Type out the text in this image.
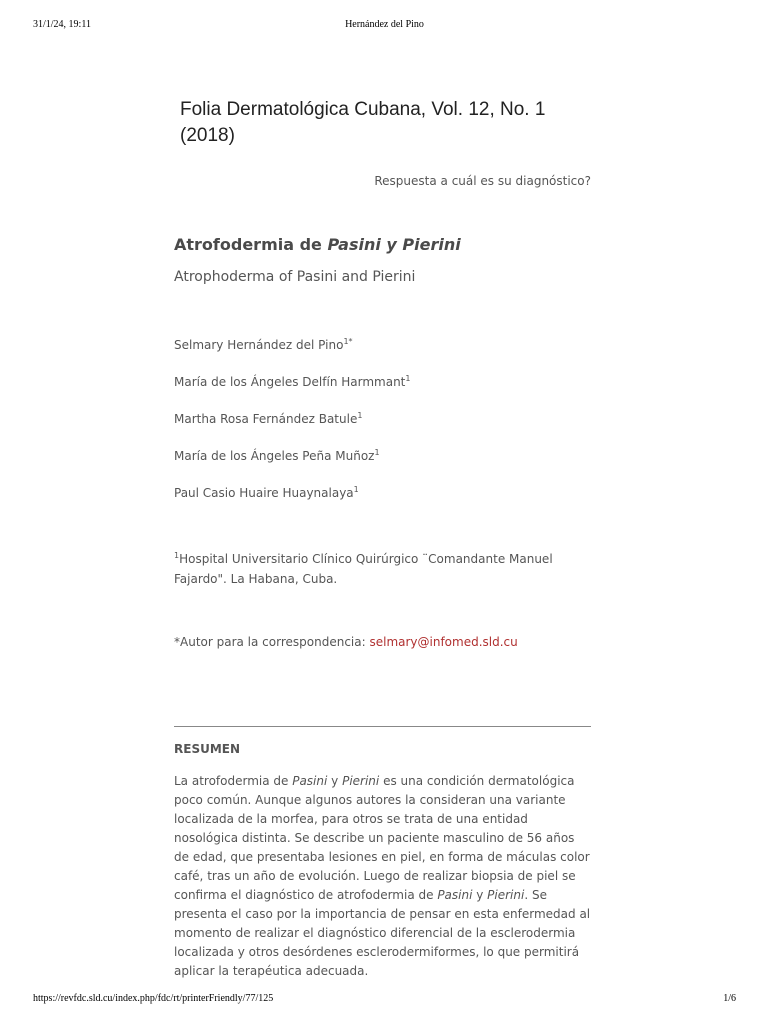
31/1/24, 19:11	Hernández del Pino
Folia Dermatológica Cubana, Vol. 12, No. 1 (2018)
Respuesta a cuál es su diagnóstico?
Atrofodermia de Pasini y Pierini
Atrophoderma of Pasini and Pierini
Selmary Hernández del Pino$^{1*}$
María de los Ángeles Delfín Harmmant$^1$
Martha Rosa Fernández Batule$^1$
María de los Ángeles Peña Muñoz$^1$
Paul Casio Huaire Huaynalaya$^1$
$^1$Hospital Universitario Clínico Quirúrgico ¨Comandante Manuel Fajardo". La Habana, Cuba.
*Autor para la correspondencia: selmary@infomed.sld.cu
RESUMEN
La atrofodermia de Pasini y Pierini es una condición dermatológica poco común. Aunque algunos autores la consideran una variante localizada de la morfea, para otros se trata de una entidad nosológica distinta. Se describe un paciente masculino de 56 años de edad, que presentaba lesiones en piel, en forma de máculas color café, tras un año de evolución. Luego de realizar biopsia de piel se confirma el diagnóstico de atrofodermia de Pasini y Pierini. Se presenta el caso por la importancia de pensar en esta enfermedad al momento de realizar el diagnóstico diferencial de la esclerodermia localizada y otros desórdenes esclerodermiformes, lo que permitirá aplicar la terapéutica adecuada.
https://revfdc.sld.cu/index.php/fdc/rt/printerFriendly/77/125	1/6
